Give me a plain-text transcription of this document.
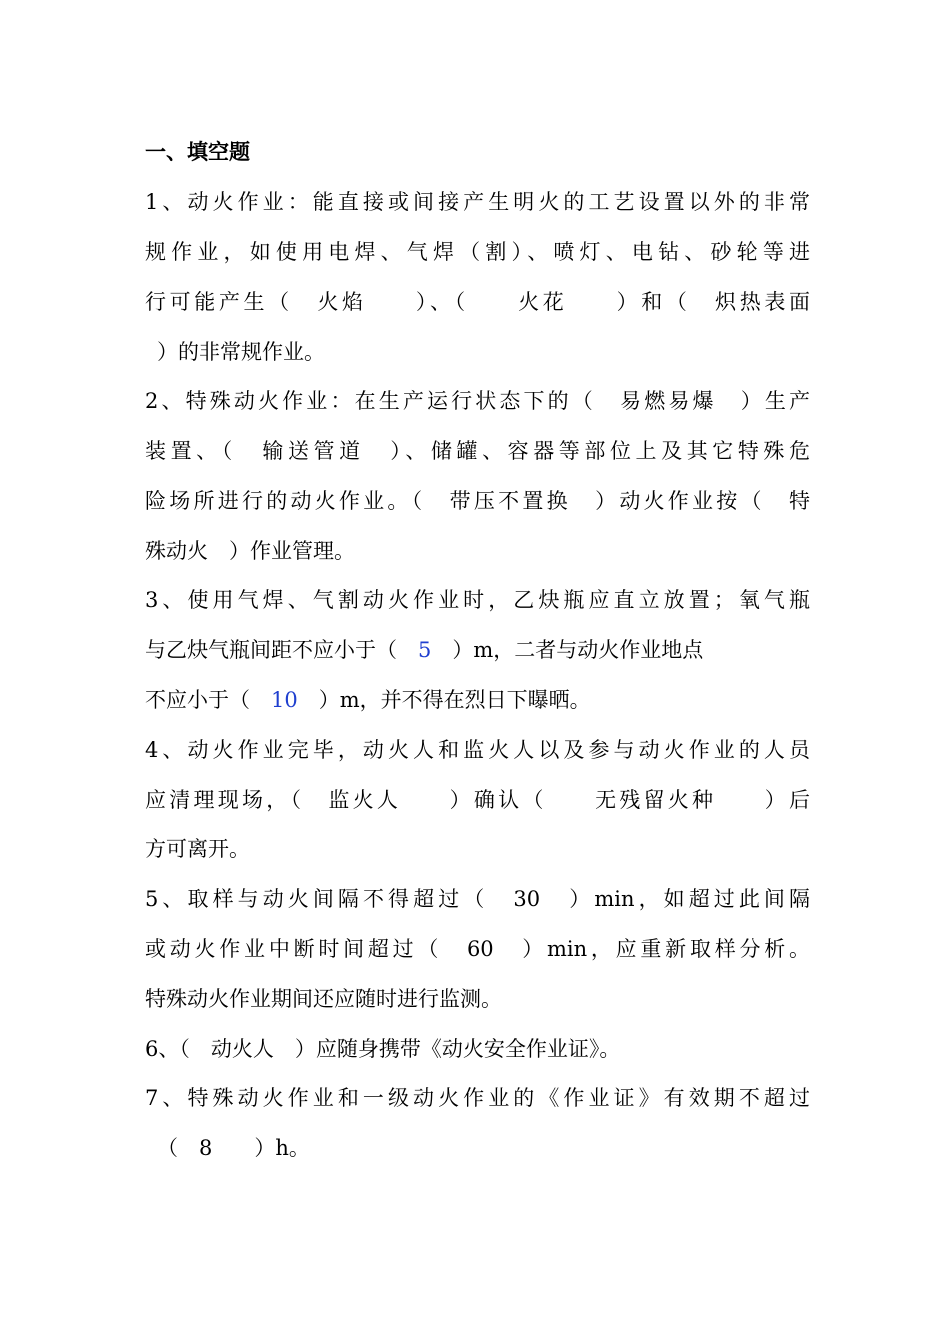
一、填空题
1、动火作业：能直接或间接产生明火的工艺设置以外的非常
规作业，如使用电焊、气焊（割）、喷灯、电钻、砂轮等进
行可能产生（　火焰　　）、（　　火花　　）和（　炽热表面
）的非常规作业。
2、特殊动火作业：在生产运行状态下的（　易燃易爆　）生产
装置、（　输送管道　）、储罐、容器等部位上及其它特殊危
险场所进行的动火作业。（　带压不置换　）动火作业按（　特
殊动火　）作业管理。
3、使用气焊、气割动火作业时，乙炔瓶应直立放置；氧气瓶
与乙炔气瓶间距不应小于（　5　）m，二者与动火作业地点
不应小于（　10　）m，并不得在烈日下曝晒。
4、动火作业完毕，动火人和监火人以及参与动火作业的人员
应清理现场，（　监火人　　）确认（　　无残留火种　　）后
方可离开。
5、取样与动火间隔不得超过（　30　）min，如超过此间隔
或动火作业中断时间超过（　60　）min，应重新取样分析。
特殊动火作业期间还应随时进行监测。
6、（　动火人　）应随身携带《动火安全作业证》。
7、特殊动火作业和一级动火作业的《作业证》有效期不超过
（　8　　）h。
